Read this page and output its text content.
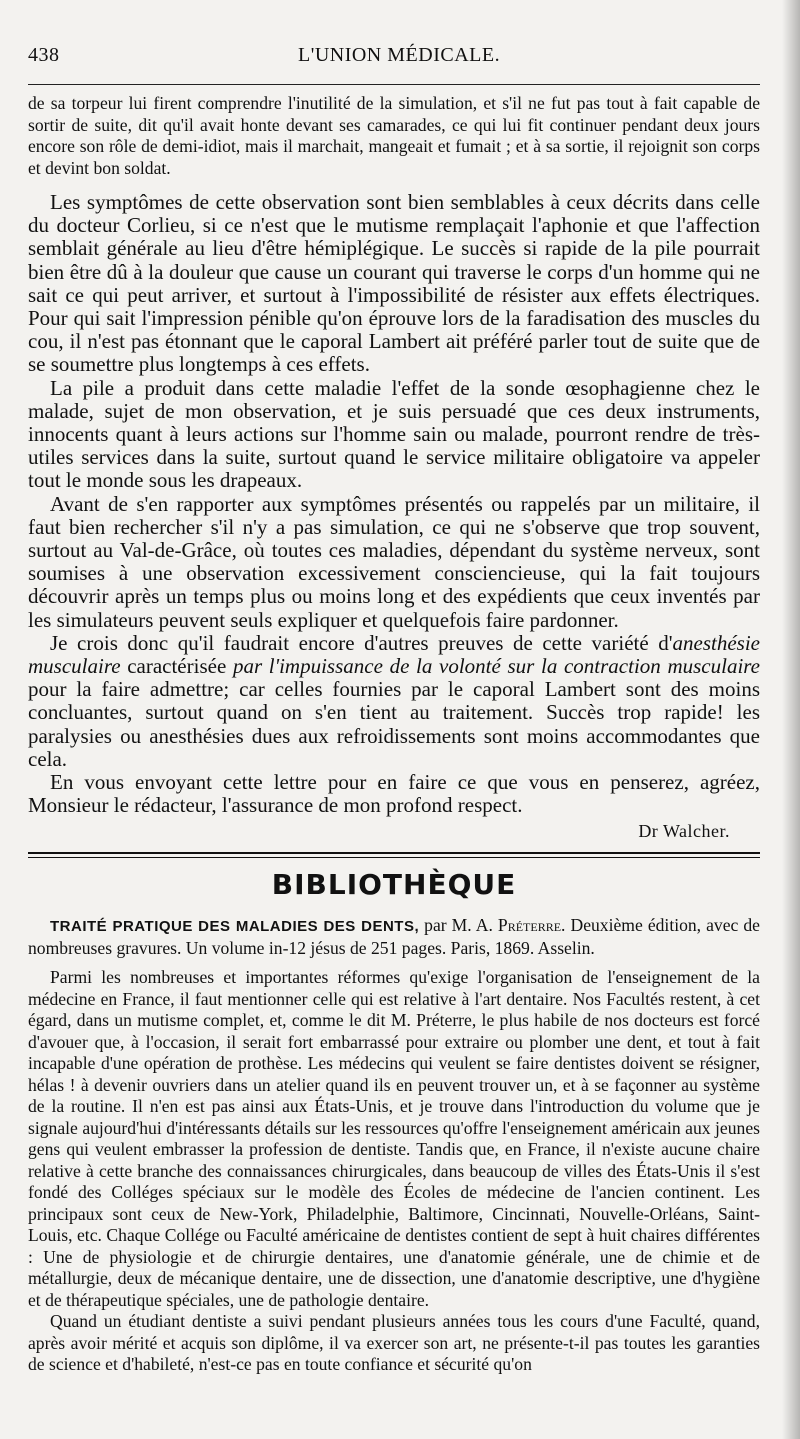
438	L'UNION MÉDICALE.

de sa torpeur lui firent comprendre l'inutilité de la simulation, et s'il ne fut pas tout à fait capable de sortir de suite, dit qu'il avait honte devant ses camarades, ce qui lui fit continuer pendant deux jours encore son rôle de demi-idiot, mais il marchait, mangeait et fumait ; et à sa sortie, il rejoignit son corps et devint bon soldat.

Les symptômes de cette observation sont bien semblables à ceux décrits dans celle du docteur Corlieu, si ce n'est que le mutisme remplaçait l'aphonie et que l'affection semblait générale au lieu d'être hémiplégique. Le succès si rapide de la pile pourrait bien être dû à la douleur que cause un courant qui traverse le corps d'un homme qui ne sait ce qui peut arriver, et surtout à l'impossibilité de résister aux effets électriques. Pour qui sait l'impression pénible qu'on éprouve lors de la faradisation des muscles du cou, il n'est pas étonnant que le caporal Lambert ait préféré parler tout de suite que de se soumettre plus longtemps à ces effets.

La pile a produit dans cette maladie l'effet de la sonde œsophagienne chez le malade, sujet de mon observation, et je suis persuadé que ces deux instruments, innocents quant à leurs actions sur l'homme sain ou malade, pourront rendre de très-utiles services dans la suite, surtout quand le service militaire obligatoire va appeler tout le monde sous les drapeaux.

Avant de s'en rapporter aux symptômes présentés ou rappelés par un militaire, il faut bien rechercher s'il n'y a pas simulation, ce qui ne s'observe que trop souvent, surtout au Val-de-Grâce, où toutes ces maladies, dépendant du système nerveux, sont soumises à une observation excessivement consciencieuse, qui la fait toujours découvrir après un temps plus ou moins long et des expédients que ceux inventés par les simulateurs peuvent seuls expliquer et quelquefois faire pardonner.

Je crois donc qu'il faudrait encore d'autres preuves de cette variété d'anesthésie musculaire caractérisée par l'impuissance de la volonté sur la contraction musculaire pour la faire admettre; car celles fournies par le caporal Lambert sont des moins concluantes, surtout quand on s'en tient au traitement. Succès trop rapide! les paralysies ou anesthésies dues aux refroidissements sont moins accommodantes que cela.

En vous envoyant cette lettre pour en faire ce que vous en penserez, agréez, Monsieur le rédacteur, l'assurance de mon profond respect.

Dr Walcher.
BIBLIOTHÈQUE

TRAITÉ PRATIQUE DES MALADIES DES DENTS, par M. A. Préterre. Deuxième édition, avec de nombreuses gravures. Un volume in-12 jésus de 251 pages. Paris, 1869. Asselin.

Parmi les nombreuses et importantes réformes qu'exige l'organisation de l'enseignement de la médecine en France, il faut mentionner celle qui est relative à l'art dentaire. Nos Facultés restent, à cet égard, dans un mutisme complet, et, comme le dit M. Préterre, le plus habile de nos docteurs est forcé d'avouer que, à l'occasion, il serait fort embarrassé pour extraire ou plomber une dent, et tout à fait incapable d'une opération de prothèse. Les médecins qui veulent se faire dentistes doivent se résigner, hélas ! à devenir ouvriers dans un atelier quand ils en peuvent trouver un, et à se façonner au système de la routine. Il n'en est pas ainsi aux États-Unis, et je trouve dans l'introduction du volume que je signale aujourd'hui d'intéressants détails sur les ressources qu'offre l'enseignement américain aux jeunes gens qui veulent embrasser la profession de dentiste. Tandis que, en France, il n'existe aucune chaire relative à cette branche des connaissances chirurgicales, dans beaucoup de villes des États-Unis il s'est fondé des Colléges spéciaux sur le modèle des Écoles de médecine de l'ancien continent. Les principaux sont ceux de New-York, Philadelphie, Baltimore, Cincinnati, Nouvelle-Orléans, Saint-Louis, etc. Chaque Collége ou Faculté américaine de dentistes contient de sept à huit chaires différentes : Une de physiologie et de chirurgie dentaires, une d'anatomie générale, une de chimie et de métallurgie, deux de mécanique dentaire, une de dissection, une d'anatomie descriptive, une d'hygiène et de thérapeutique spéciales, une de pathologie dentaire.

Quand un étudiant dentiste a suivi pendant plusieurs années tous les cours d'une Faculté, quand, après avoir mérité et acquis son diplôme, il va exercer son art, ne présente-t-il pas toutes les garanties de science et d'habileté, n'est-ce pas en toute confiance et sécurité qu'on
